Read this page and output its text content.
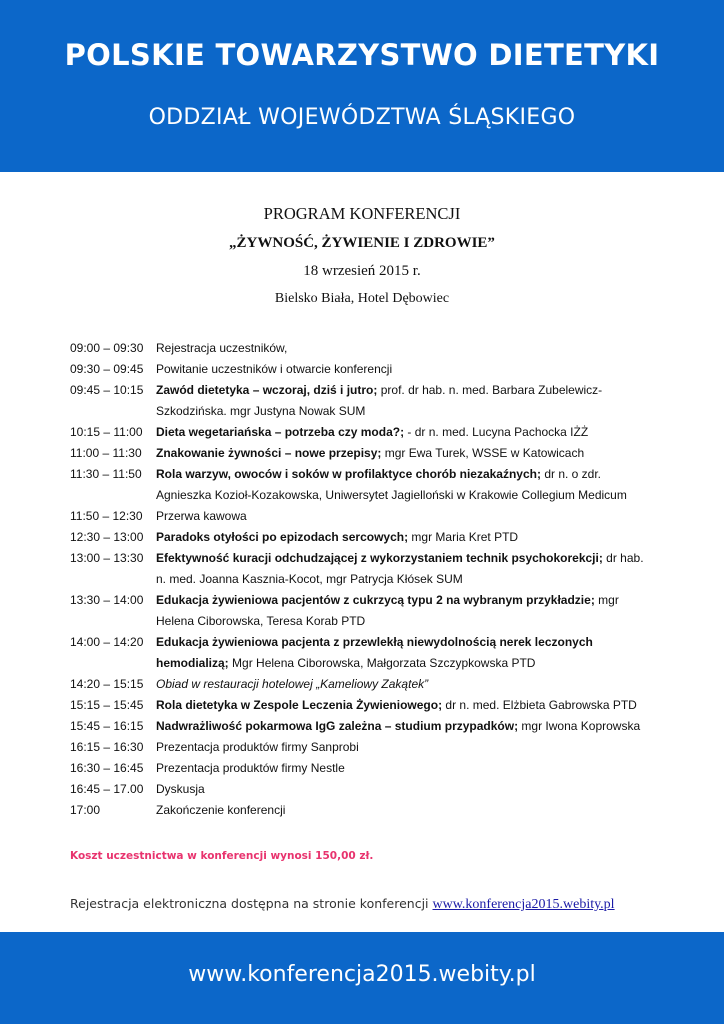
POLSKIE TOWARZYSTWO DIETETYKI
ODDZIAŁ WOJEWÓDZTWA ŚLĄSKIEGO
PROGRAM KONFERENCJI
„ŻYWNOŚĆ, ŻYWIENIE I ZDROWIE”
18 wrzesień 2015 r.
Bielsko Biała, Hotel Dębowiec
09:00 – 09:30	Rejestracja uczestników,
09:30 – 09:45	Powitanie uczestników i otwarcie konferencji
09:45 – 10:15	Zawód dietetyka – wczoraj, dziś i jutro; prof. dr hab. n. med. Barbara Zubelewicz-
Szkodzińska. mgr Justyna Nowak SUM
10:15 – 11:00	Dieta wegetariańska – potrzeba czy moda?; - dr n. med. Lucyna Pachocka IŻŻ
11:00 – 11:30	Znakowanie żywności – nowe przepisy; mgr Ewa Turek, WSSE w Katowicach
11:30 – 11:50	Rola warzyw, owoców i soków w profilaktyce chorób niezakaźnych; dr n. o zdr.
Agnieszka Kozioł-Kozakowska, Uniwersytet Jagielloński w Krakowie Collegium Medicum
11:50 – 12:30	Przerwa kawowa
12:30 – 13:00	Paradoks otyłości po epizodach sercowych; mgr Maria Kret PTD
13:00 – 13:30	Efektywność kuracji odchudzającej z wykorzystaniem technik psychokorekcji; dr hab.
n. med. Joanna Kasznia-Kocot, mgr Patrycja Kłósek SUM
13:30 – 14:00	Edukacja żywieniowa pacjentów z cukrzycą typu 2 na wybranym przykładzie; mgr
Helena Ciborowska, Teresa Korab PTD
14:00 – 14:20	Edukacja żywieniowa pacjenta z przewlekłą niewydolnością nerek leczonych
hemodializą; Mgr Helena Ciborowska, Małgorzata Szczypkowska PTD
14:20 – 15:15	Obiad w restauracji hotelowej „Kameliowy Zakątek”
15:15 – 15:45	Rola dietetyka w Zespole Leczenia Żywieniowego; dr n. med. Elżbieta Gabrowska PTD
15:45 – 16:15	Nadwrażliwość pokarmowa IgG zależna – studium przypadków; mgr Iwona Koprowska
16:15 – 16:30	Prezentacja produktów firmy Sanprobi
16:30 – 16:45	Prezentacja produktów firmy Nestle
16:45 – 17.00	Dyskusja
17:00	Zakończenie konferencji
Koszt uczestnictwa w konferencji wynosi 150,00 zł.
Rejestracja elektroniczna dostępna na stronie konferencji www.konferencja2015.webity.pl
www.konferencja2015.webity.pl
